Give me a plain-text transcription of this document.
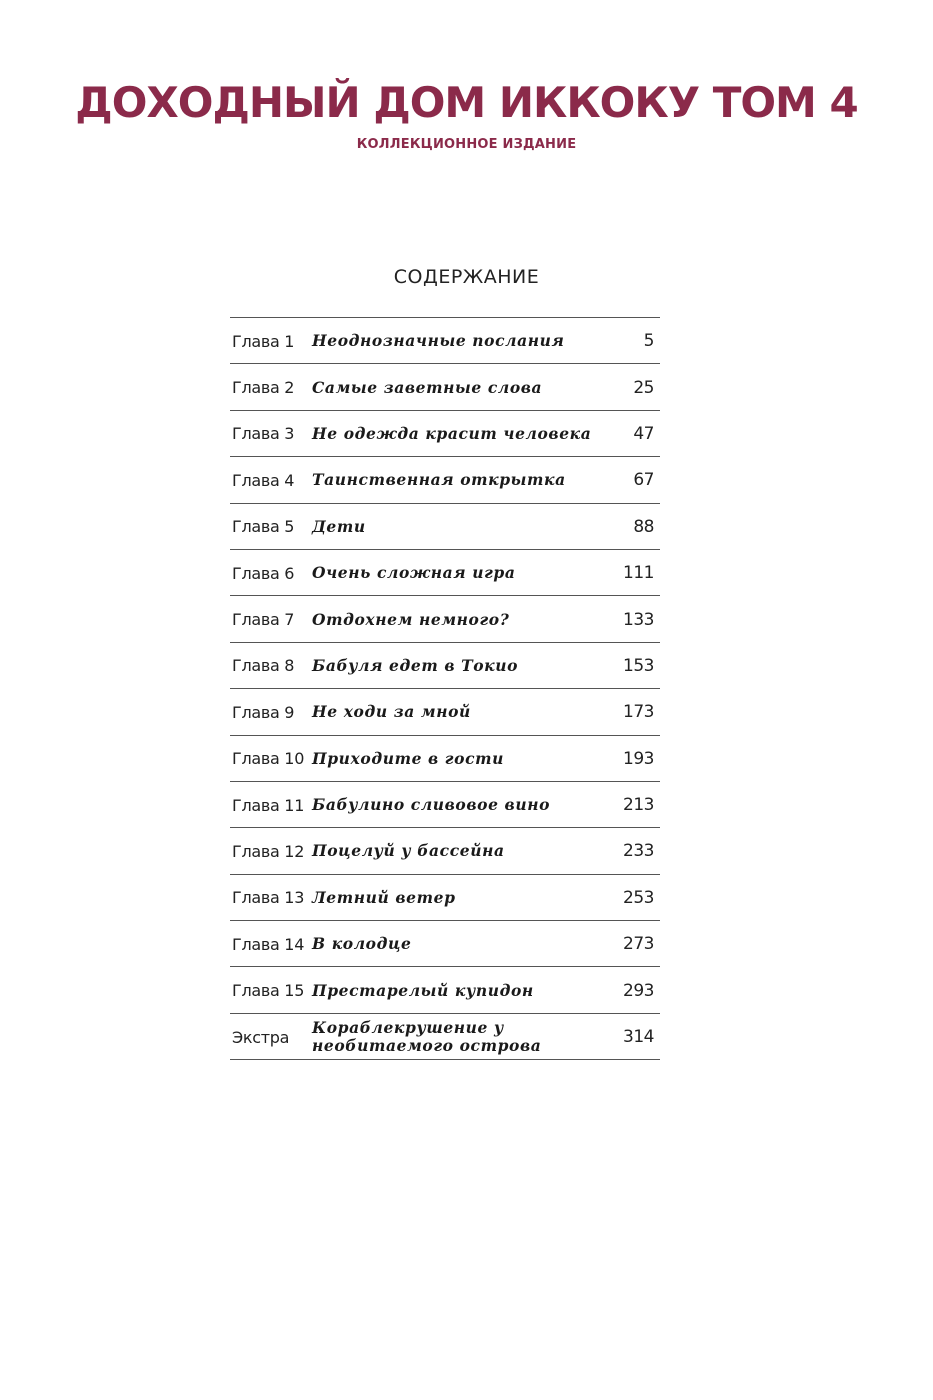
ДОХОДНЫЙ ДОМ ИККОКУ ТОМ 4
КОЛЛЕКЦИОННОЕ ИЗДАНИЕ
СОДЕРЖАНИЕ
Глава 1	Неоднозначные послания	5
Глава 2	Самые заветные слова	25
Глава 3	Не одежда красит человека	47
Глава 4	Таинственная открытка	67
Глава 5	Дети	88
Глава 6	Очень сложная игра	111
Глава 7	Отдохнем немного?	133
Глава 8	Бабуля едет в Токио	153
Глава 9	Не ходи за мной	173
Глава 10 Приходите в гости	193
Глава 11 Бабулино сливовое вино	213
Глава 12 Поцелуй у бассейна	233
Глава 13 Летний ветер	253
Глава 14 В колодце	273
Глава 15 Престарелый купидон	293
Экстра	Кораблекрушение у необитаемого острова	314
